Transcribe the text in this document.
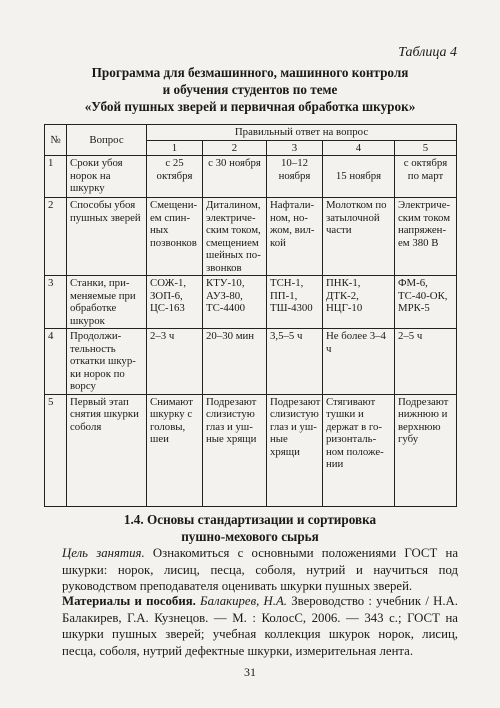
Таблица 4
Программа для безмашинного, машинного контроля
и обучения студентов по теме
«Убой пушных зверей и первичная обработка шкурок»
№	Вопрос	Правильный ответ на вопрос				
		1	2	3	4	5
1	Сроки убоя норок на шкурку	с 25 октября	с 30 ноября	10–12 ноября	15 ноября	с октября по март
2	Способы убоя пушных зверей	Смещени-ем спин-ных позвонков	Диталином, электриче-ским током, смещением шейных по-звонков	Нафтали-ном, но-жом, вил-кой	Молотком по затылочной части	Электриче-ским током напряжен-ем 380 В
3	Станки, при-меняемые при обработке шкурок	СОЖ-1, ЗОП-6, ЦС-163	КТУ-10, АУЗ-80, ТС-4400	ТСН-1, ПП-1, ТШ-4300	ПНК-1, ДТК-2, НЦГ-10	ФМ-6, ТС-40-ОК, МРК-5
4	Продолжи-тельность откатки шкур-ки норок по ворсу	2–3 ч	20–30 мин	3,5–5 ч	Не более 3–4 ч	2–5 ч
5	Первый этап снятия шкурки соболя	Снимают шкурку с головы, шеи	Подрезают слизистую глаз и уш-ные хрящи	Подрезают слизистую глаз и уш-ные хрящи	Стягивают тушки и держат в го-ризонталь-ном положе-нии	Подрезают нижнюю и верхнюю губу
1.4. Основы стандартизации и сортировка
пушно-мехового сырья
Цель занятия. Ознакомиться с основными положениями ГОСТ на шкурки: норок, лисиц, песца, соболя, нутрий и научиться под руководством преподавателя оценивать шкурки пушных зверей.
Материалы и пособия. Балакирев, Н.А. Звероводство : учебник / Н.А. Балакирев, Г.А. Кузнецов. — М. : КолосС, 2006. — 343 с.; ГОСТ на шкурки пушных зверей; учебная коллекция шкурок норок, лисиц, песца, соболя, нутрий дефектные шкурки, измерительная лента.
31
